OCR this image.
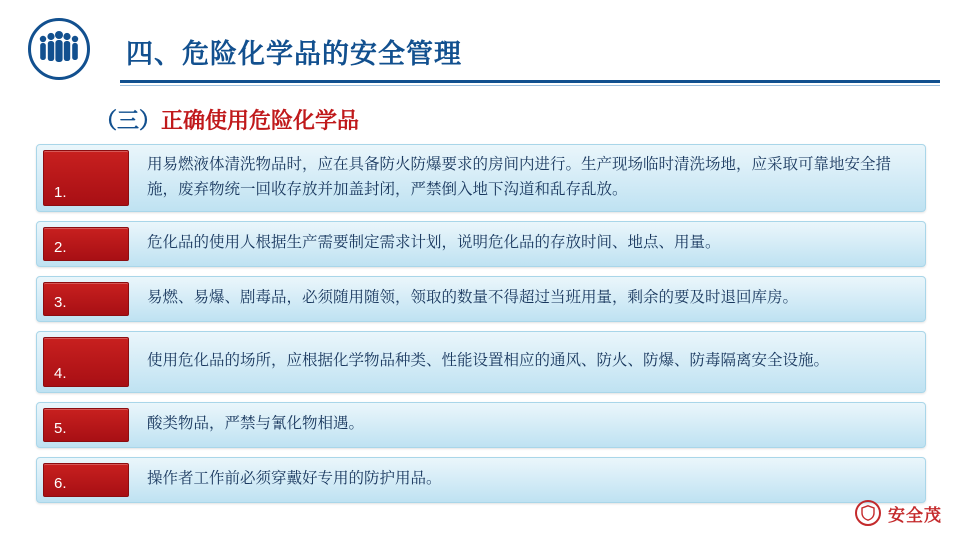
四、危险化学品的安全管理
（三）正确使用危险化学品
1.
用易燃液体清洗物品时，应在具备防火防爆要求的房间内进行。生产现场临时清洗场地，应采取可靠地安全措施，废弃物统一回收存放并加盖封闭，严禁倒入地下沟道和乱存乱放。
2.	危化品的使用人根据生产需要制定需求计划，说明危化品的存放时间、地点、用量。
3.	易燃、易爆、剧毒品，必须随用随领，领取的数量不得超过当班用量，剩余的要及时退回库房。
4.
使用危化品的场所，应根据化学物品种类、性能设置相应的通风、防火、防爆、防毒隔离安全设施。
5.	酸类物品，严禁与氰化物相遇。
6.	操作者工作前必须穿戴好专用的防护用品。
安全茂
